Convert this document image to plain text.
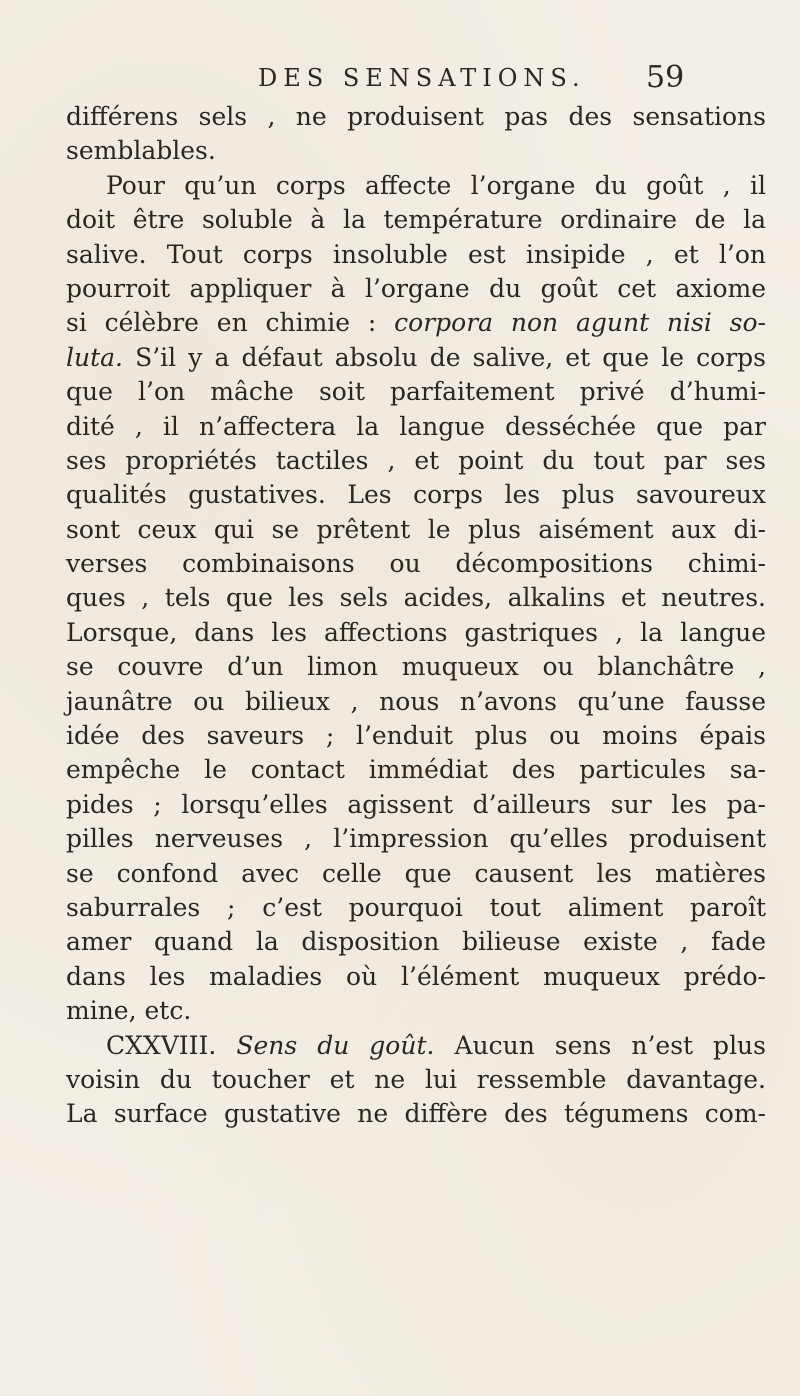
DES SENSATIONS. 59
différens sels , ne produisent pas des sensations
semblables.
Pour qu’un corps affecte l’organe du goût , il
doit être soluble à la température ordinaire de la
salive. Tout corps insoluble est insipide , et l’on
pourroit appliquer à l’organe du goût cet axiome
si célèbre en chimie : corpora non agunt nisi so-
luta. S’il y a défaut absolu de salive, et que le corps
que l’on mâche soit parfaitement privé d’humi-
dité , il n’affectera la langue desséchée que par
ses propriétés tactiles , et point du tout par ses
qualités gustatives. Les corps les plus savoureux
sont ceux qui se prêtent le plus aisément aux di-
verses combinaisons ou décompositions chimi-
ques , tels que les sels acides, alkalins et neutres.
Lorsque, dans les affections gastriques , la langue
se couvre d’un limon muqueux ou blanchâtre ,
jaunâtre ou bilieux , nous n’avons qu’une fausse
idée des saveurs ; l’enduit plus ou moins épais
empêche le contact immédiat des particules sa-
pides ; lorsqu’elles agissent d’ailleurs sur les pa-
pilles nerveuses , l’impression qu’elles produisent
se confond avec celle que causent les matières
saburrales ; c’est pourquoi tout aliment paroît
amer quand la disposition bilieuse existe , fade
dans les maladies où l’élément muqueux prédo-
mine, etc.
CXXVIII. Sens du goût. Aucun sens n’est plus
voisin du toucher et ne lui ressemble davantage.
La surface gustative ne diffère des tégumens com-
